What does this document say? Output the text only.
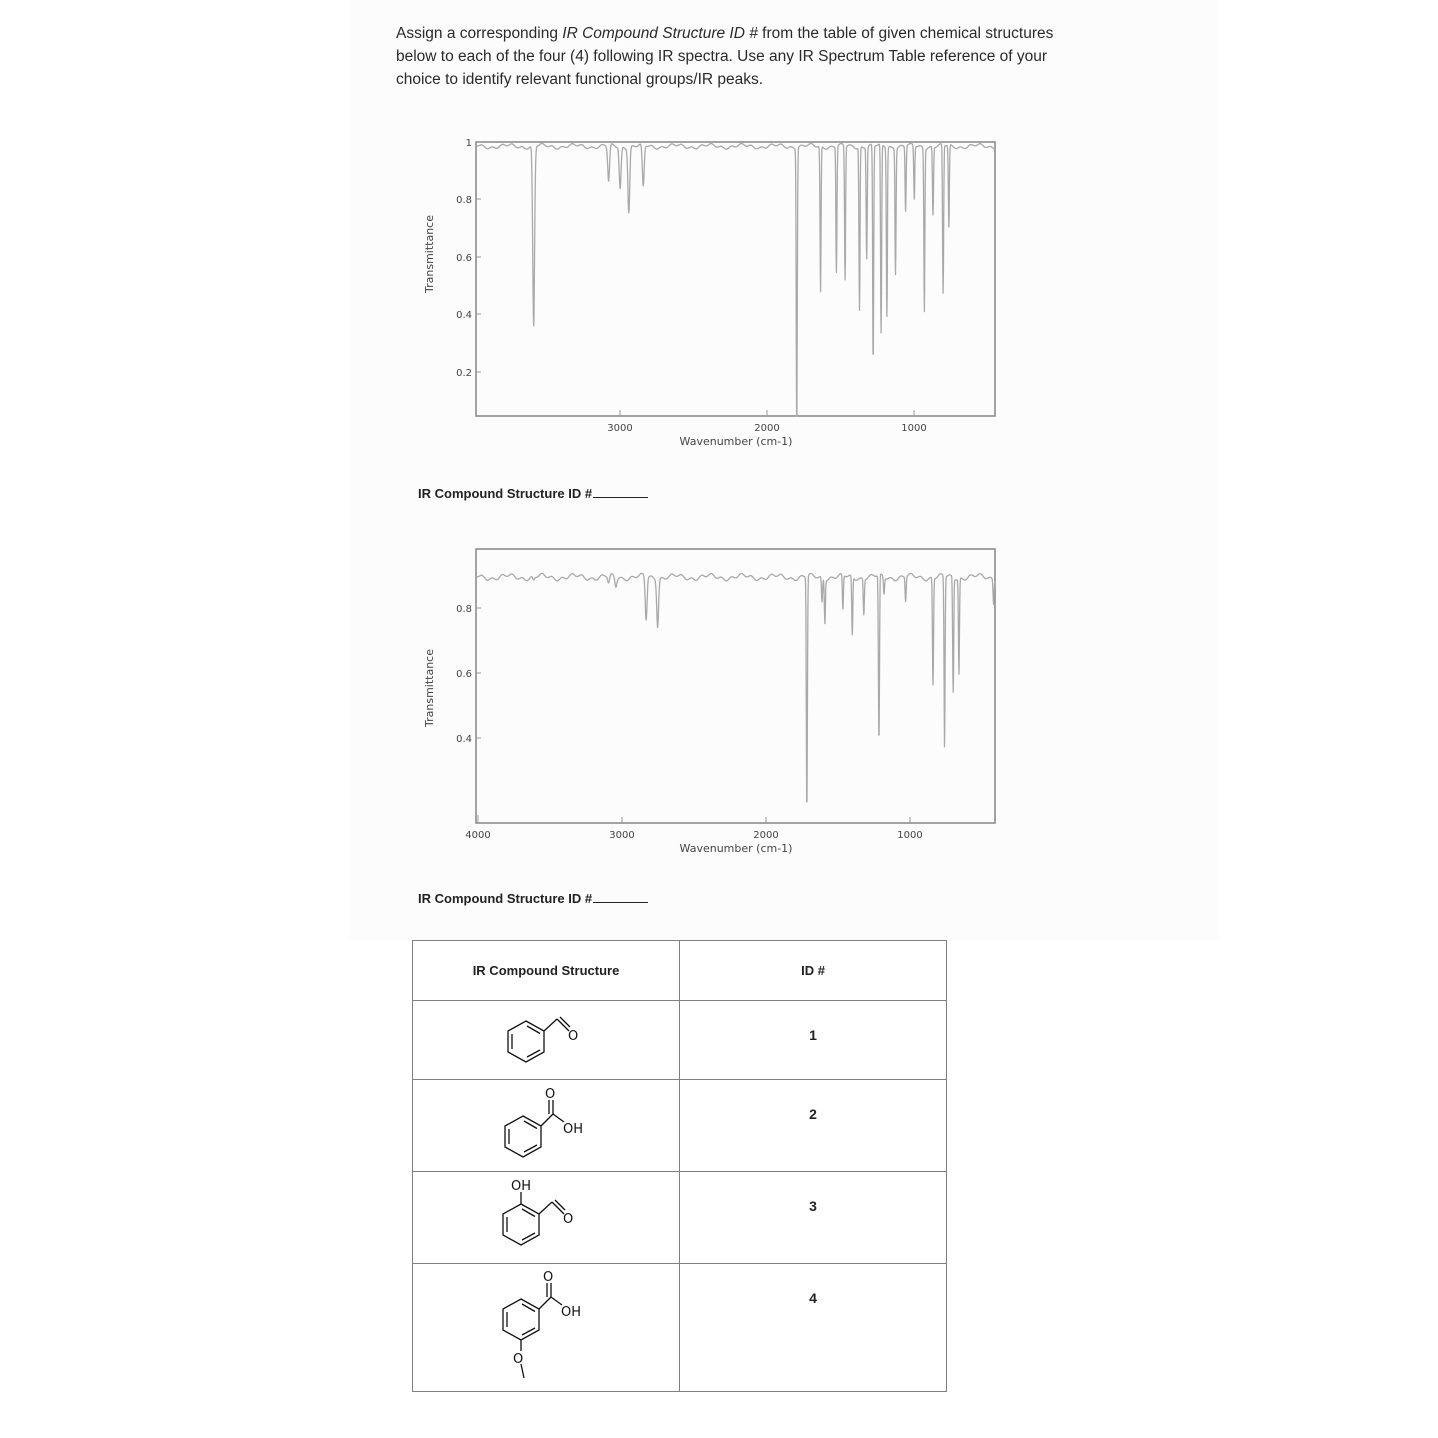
Assign a corresponding IR Compound Structure ID # from the table of given chemical structures below to each of the four (4) following IR spectra. Use any IR Spectrum Table reference of your choice to identify relevant functional groups/IR peaks.

1
0.8
0.6
0.4
0.2
3000	2000	1000
Wavenumber (cm-1)
Transmittance
IR Compound Structure ID #
0.8
0.6
0.4
4000	3000	2000	1000
Wavenumber (cm-1)
Transmittance
IR Compound Structure ID #
IR Compound Structure	ID #

O	1

O
OH	2

OH
O	3

O
OH
O	4
